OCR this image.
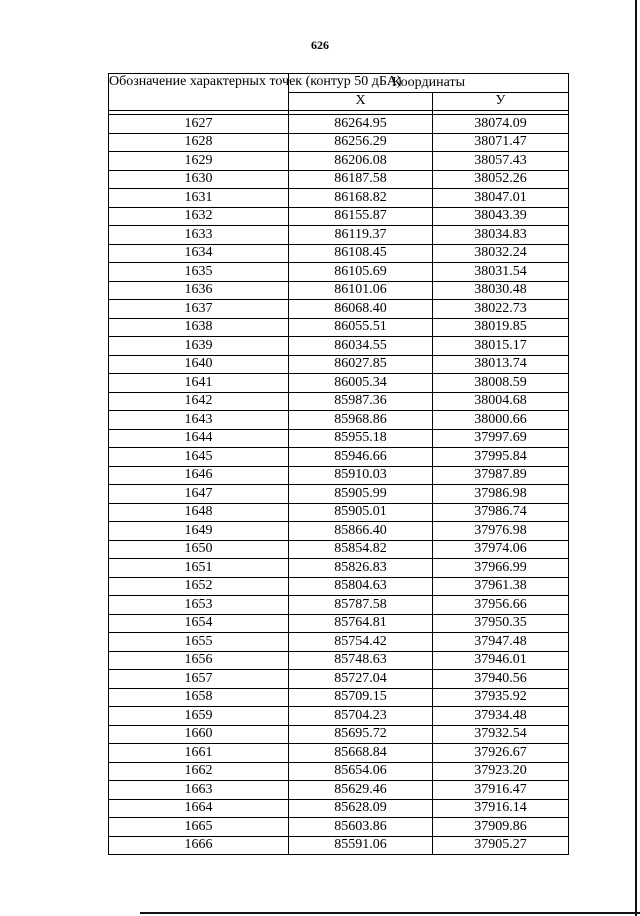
626
Обозначение характерных точек (контур 50 дБА)	Координаты	
	X	У

1627	86264.95	38074.09
1628	86256.29	38071.47
1629	86206.08	38057.43
1630	86187.58	38052.26
1631	86168.82	38047.01
1632	86155.87	38043.39
1633	86119.37	38034.83
1634	86108.45	38032.24
1635	86105.69	38031.54
1636	86101.06	38030.48
1637	86068.40	38022.73
1638	86055.51	38019.85
1639	86034.55	38015.17
1640	86027.85	38013.74
1641	86005.34	38008.59
1642	85987.36	38004.68
1643	85968.86	38000.66
1644	85955.18	37997.69
1645	85946.66	37995.84
1646	85910.03	37987.89
1647	85905.99	37986.98
1648	85905.01	37986.74
1649	85866.40	37976.98
1650	85854.82	37974.06
1651	85826.83	37966.99
1652	85804.63	37961.38
1653	85787.58	37956.66
1654	85764.81	37950.35
1655	85754.42	37947.48
1656	85748.63	37946.01
1657	85727.04	37940.56
1658	85709.15	37935.92
1659	85704.23	37934.48
1660	85695.72	37932.54
1661	85668.84	37926.67
1662	85654.06	37923.20
1663	85629.46	37916.47
1664	85628.09	37916.14
1665	85603.86	37909.86
1666	85591.06	37905.27
